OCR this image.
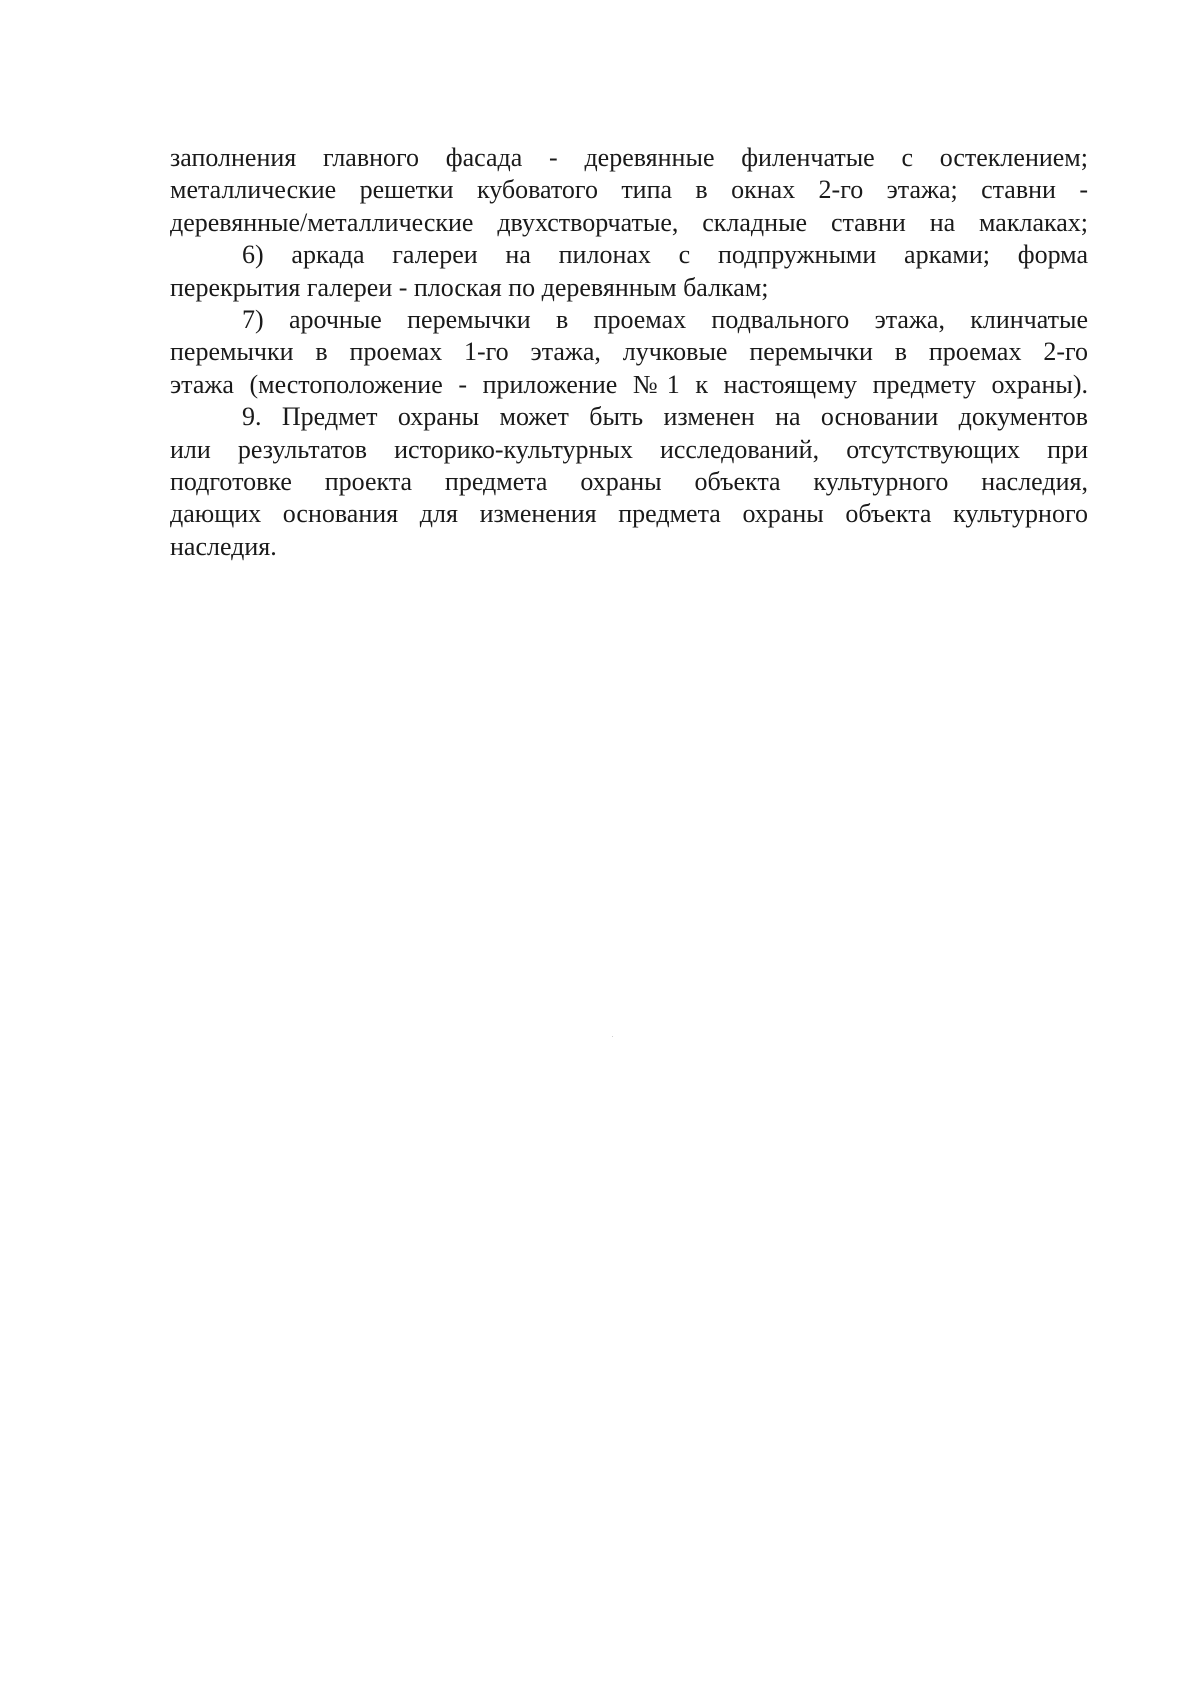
заполнения главного фасада - деревянные филенчатые с остеклением;
металлические решетки кубоватого типа в окнах 2-го этажа; ставни -
деревянные/металлические двухстворчатые, складные ставни на маклаках;
6) аркада галереи на пилонах с подпружными арками; форма
перекрытия галереи - плоская по деревянным балкам;
7) арочные перемычки в проемах подвального этажа, клинчатые
перемычки в проемах 1-го этажа, лучковые перемычки в проемах 2-го
этажа (местоположение - приложение №1 к настоящему предмету охраны).
9. Предмет охраны может быть изменен на основании документов
или результатов историко-культурных исследований, отсутствующих при
подготовке проекта предмета охраны объекта культурного наследия,
дающих основания для изменения предмета охраны объекта культурного
наследия.
